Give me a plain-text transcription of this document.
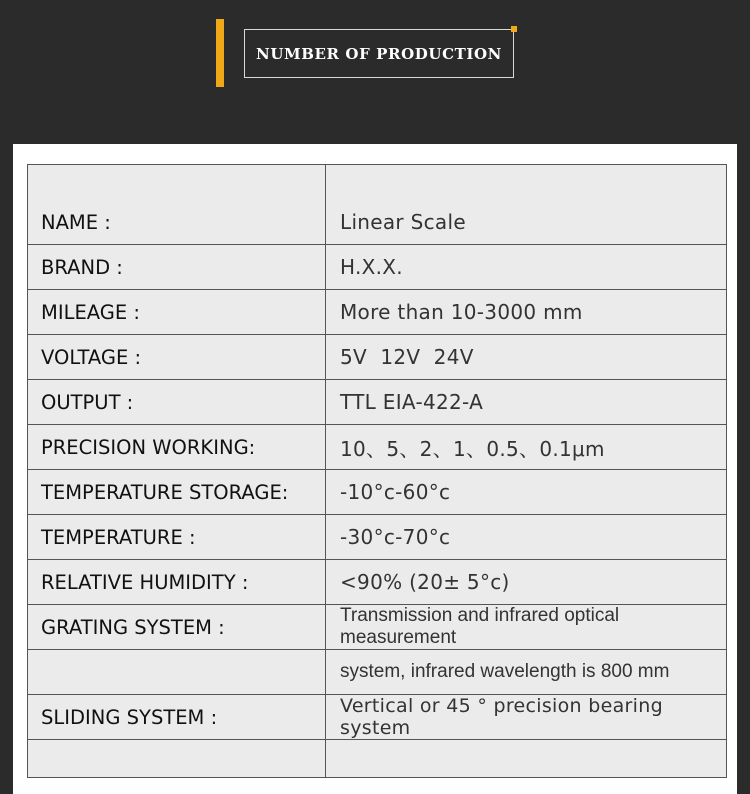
NUMBER OF PRODUCTION
NAME :	Linear Scale
BRAND :	H.X.X.
MILEAGE :	More than 10-3000 mm
VOLTAGE :	5V  12V  24V
OUTPUT :	TTL EIA-422-A
PRECISION WORKING:	10、5、2、1、0.5、0.1μm
TEMPERATURE STORAGE:	-10°c-60°c
TEMPERATURE :	-30°c-70°c
RELATIVE HUMIDITY :	<90% (20± 5°c)
GRATING SYSTEM :	Transmission and infrared optical measurement
	system, infrared wavelength is 800 mm
SLIDING SYSTEM :	Vertical or 45 ° precision bearing system
